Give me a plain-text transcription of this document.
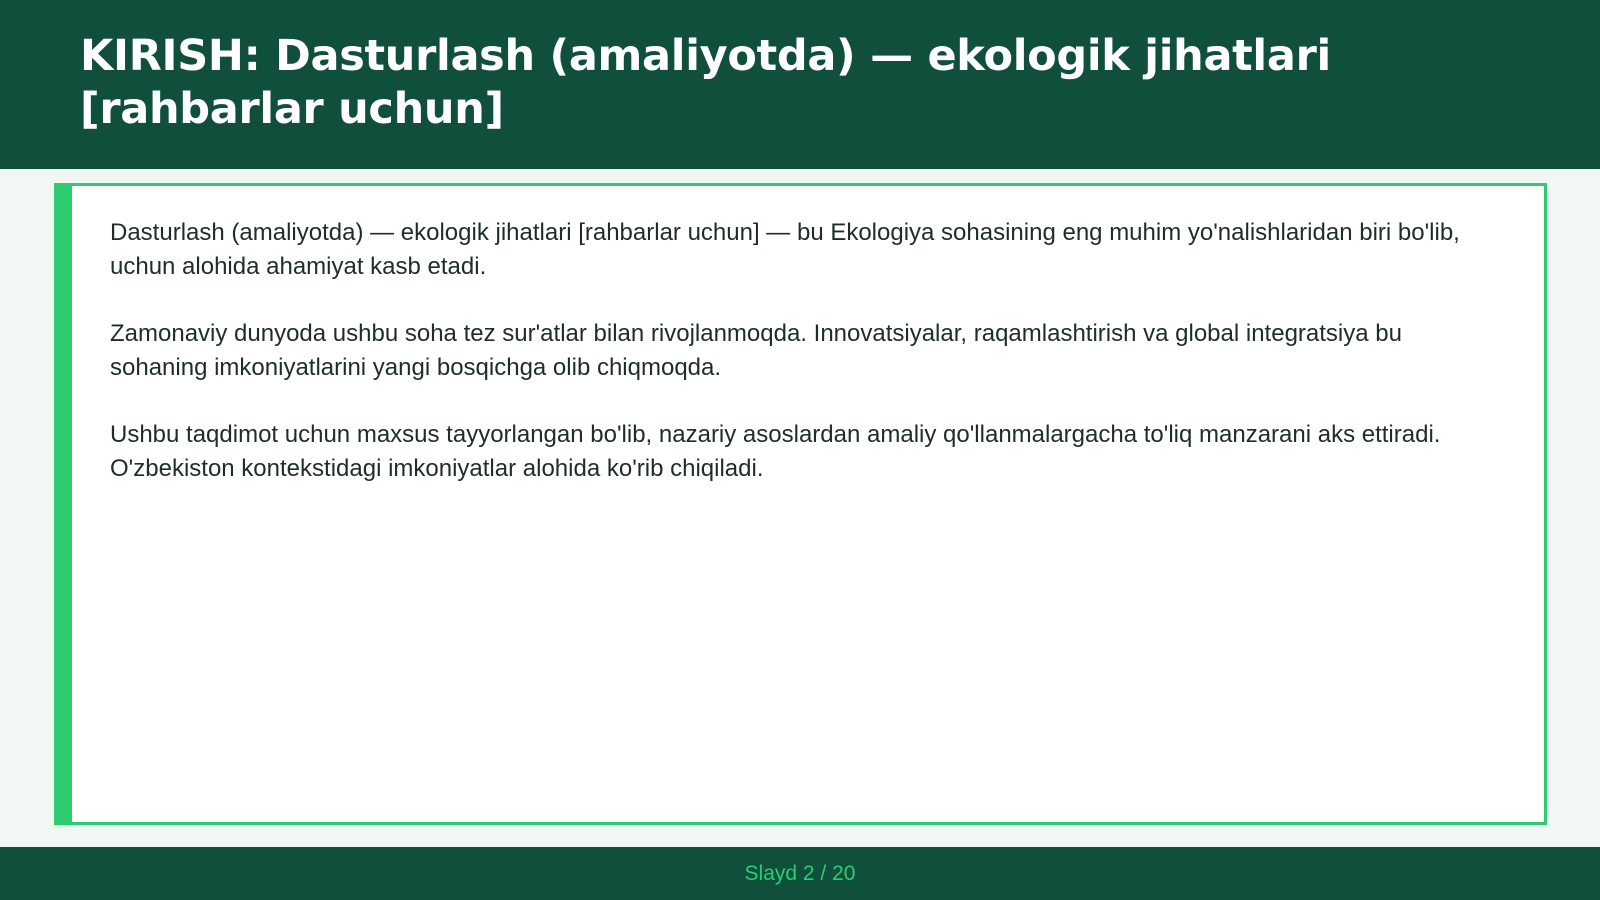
KIRISH: Dasturlash (amaliyotda) — ekologik jihatlari [rahbarlar uchun]

Dasturlash (amaliyotda) — ekologik jihatlari [rahbarlar uchun] — bu Ekologiya sohasining eng muhim yo'nalishlaridan biri bo'lib, uchun alohida ahamiyat kasb etadi.

Zamonaviy dunyoda ushbu soha tez sur'atlar bilan rivojlanmoqda. Innovatsiyalar, raqamlashtirish va global integratsiya bu sohaning imkoniyatlarini yangi bosqichga olib chiqmoqda.

Ushbu taqdimot uchun maxsus tayyorlangan bo'lib, nazariy asoslardan amaliy qo'llanmalargacha to'liq manzarani aks ettiradi. O'zbekiston kontekstidagi imkoniyatlar alohida ko'rib chiqiladi.

Slayd 2 / 20
